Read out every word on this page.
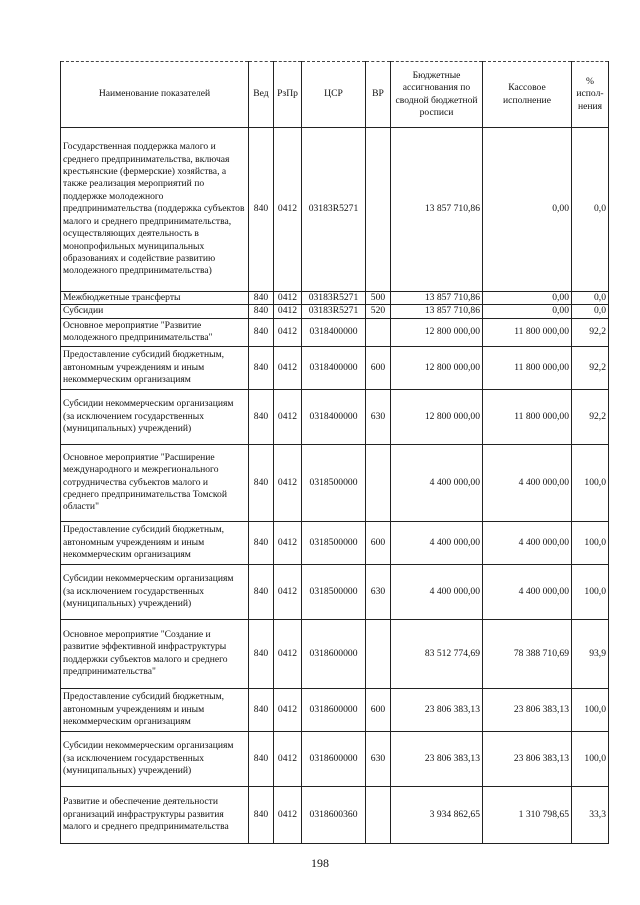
Наименование показателей	Вед	РзПр	ЦСР	ВР	Бюджетные ассигнования по сводной бюджетной росписи	Кассовое исполнение	% испол-нения
Государственная поддержка малого и среднего предпринимательства, включая крестьянские (фермерские) хозяйства, а также реализация мероприятий по поддержке молодежного предпринимательства (поддержка субъектов малого и среднего предпринимательства, осуществляющих деятельность в монопрофильных муниципальных образованиях и содействие развитию молодежного предпринимательства)	840	0412	03183R5271		13 857 710,86	0,00	0,0
Межбюджетные трансферты	840	0412	03183R5271	500	13 857 710,86	0,00	0,0
Субсидии	840	0412	03183R5271	520	13 857 710,86	0,00	0,0
Основное мероприятие "Развитие молодежного предпринимательства"	840	0412	0318400000		12 800 000,00	11 800 000,00	92,2
Предоставление субсидий бюджетным, автономным учреждениям и иным некоммерческим организациям	840	0412	0318400000	600	12 800 000,00	11 800 000,00	92,2
Субсидии некоммерческим организациям (за исключением государственных (муниципальных) учреждений)	840	0412	0318400000	630	12 800 000,00	11 800 000,00	92,2
Основное мероприятие "Расширение международного и межрегионального сотрудничества субъектов малого и среднего предпринимательства Томской области"	840	0412	0318500000		4 400 000,00	4 400 000,00	100,0
Предоставление субсидий бюджетным, автономным учреждениям и иным некоммерческим организациям	840	0412	0318500000	600	4 400 000,00	4 400 000,00	100,0
Субсидии некоммерческим организациям (за исключением государственных (муниципальных) учреждений)	840	0412	0318500000	630	4 400 000,00	4 400 000,00	100,0
Основное мероприятие "Создание и развитие эффективной инфраструктуры поддержки субъектов малого и среднего предпринимательства"	840	0412	0318600000		83 512 774,69	78 388 710,69	93,9
Предоставление субсидий бюджетным, автономным учреждениям и иным некоммерческим организациям	840	0412	0318600000	600	23 806 383,13	23 806 383,13	100,0
Субсидии некоммерческим организациям (за исключением государственных (муниципальных) учреждений)	840	0412	0318600000	630	23 806 383,13	23 806 383,13	100,0
Развитие и обеспечение деятельности организаций инфраструктуры развития малого и среднего предпринимательства	840	0412	0318600360		3 934 862,65	1 310 798,65	33,3
198
